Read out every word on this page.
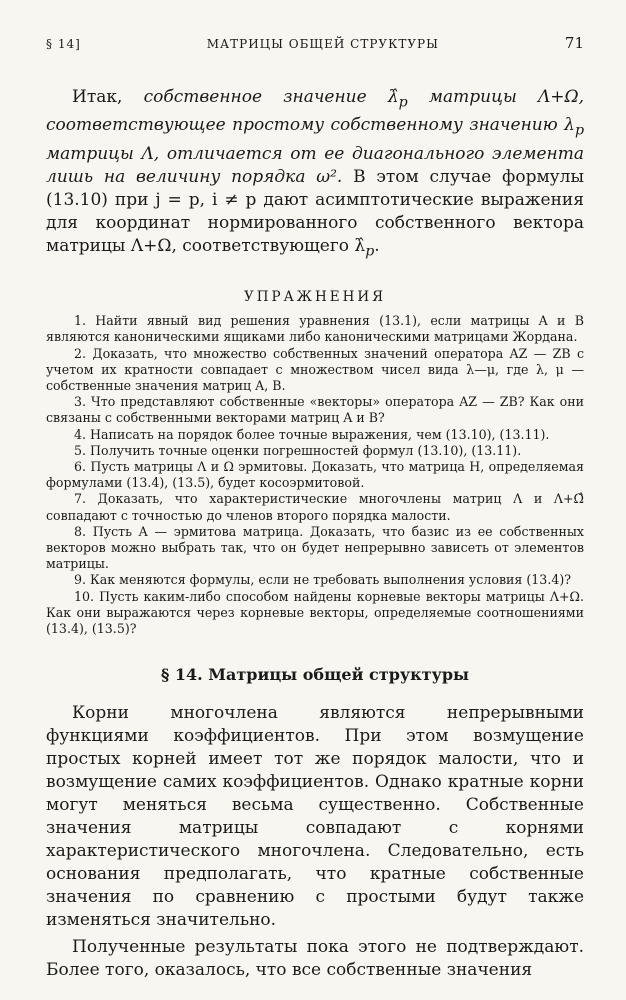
§ 14]	МАТРИЦЫ ОБЩЕЙ СТРУКТУРЫ	71

Итак, собственное значение $\lambdâ_p$ матрицы Λ+Ω, соответствующее простому собственному значению $\lambda_p$ матрицы Λ, отличается от ее диагонального элемента лишь на величину порядка ω². В этом случае формулы (13.10) при j = p, i ≠ p дают асимптотические выражения для координат нормированного собственного вектора матрицы Λ+Ω, соответствующего $\lambdâ_p$.

УПРАЖНЕНИЯ

1. Найти явный вид решения уравнения (13.1), если матрицы A и B являются каноническими ящиками либо каноническими матрицами Жордана.

2. Доказать, что множество собственных значений оператора AZ — ZB с учетом их кратности совпадает с множеством чисел вида λ—μ, где λ, μ — собственные значения матриц A, B.

3. Что представляют собственные «векторы» оператора AZ — ZB? Как они связаны с собственными векторами матриц A и B?

4. Написать на порядок более точные выражения, чем (13.10), (13.11).

5. Получить точные оценки погрешностей формул (13.10), (13.11).

6. Пусть матрицы Λ и Ω эрмитовы. Доказать, что матрица H, определяемая формулами (13.4), (13.5), будет косоэрмитовой.

7. Доказать, что характеристические многочлены матриц Λ и Λ+Ω̂ совпадают с точностью до членов второго порядка малости.

8. Пусть A — эрмитова матрица. Доказать, что базис из ее собственных векторов можно выбрать так, что он будет непрерывно зависеть от элементов матрицы.

9. Как меняются формулы, если не требовать выполнения условия (13.4)?

10. Пусть каким-либо способом найдены корневые векторы матрицы Λ+Ω. Как они выражаются через корневые векторы, определяемые соотношениями (13.4), (13.5)?

§ 14. Матрицы общей структуры

Корни многочлена являются непрерывными функциями коэффициентов. При этом возмущение простых корней имеет тот же порядок малости, что и возмущение самих коэффициентов. Однако кратные корни могут меняться весьма существенно. Собственные значения матрицы совпадают с корнями характеристического многочлена. Следовательно, есть основания предполагать, что кратные собственные значения по сравнению с простыми будут также изменяться значительно.

Полученные результаты пока этого не подтверждают. Более того, оказалось, что все собственные значения
